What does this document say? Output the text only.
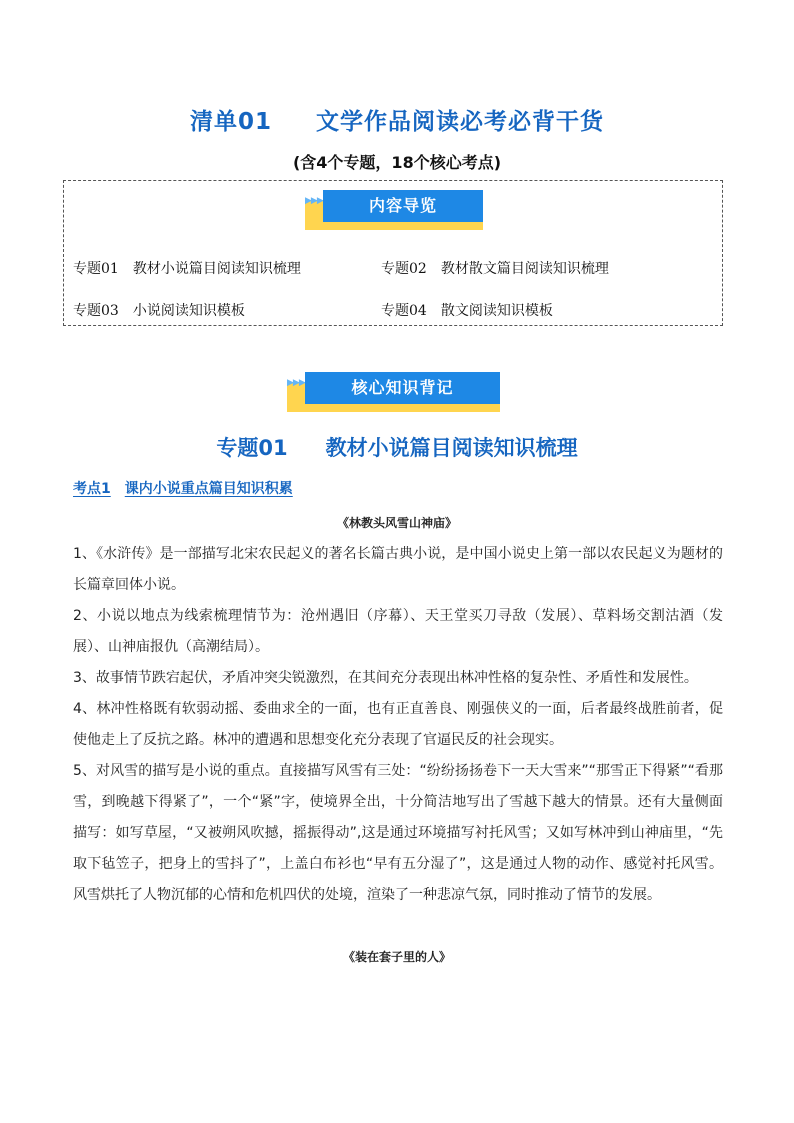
清单01 文学作品阅读必考必背干货
(含4个专题，18个核心考点)
▶▶▶	内容导览
专题01 教材小说篇目阅读知识梳理	专题02 教材散文篇目阅读知识梳理
专题03 小说阅读知识模板	专题04 散文阅读知识模板
▶▶▶	核心知识背记
专题01 教材小说篇目阅读知识梳理
考点1 课内小说重点篇目知识积累
《林教头风雪山神庙》

1、《水浒传》是一部描写北宋农民起义的著名长篇古典小说，是中国小说史上第一部以农民起义为题材的长篇章回体小说。

2、小说以地点为线索梳理情节为：沧州遇旧（序幕）、天王堂买刀寻敌（发展）、草料场交割沽酒（发展）、山神庙报仇（高潮结局）。

3、故事情节跌宕起伏，矛盾冲突尖锐激烈，在其间充分表现出林冲性格的复杂性、矛盾性和发展性。

4、林冲性格既有软弱动摇、委曲求全的一面，也有正直善良、刚强侠义的一面，后者最终战胜前者，促使他走上了反抗之路。林冲的遭遇和思想变化充分表现了官逼民反的社会现实。

5、对风雪的描写是小说的重点。直接描写风雪有三处：“纷纷扬扬卷下一天大雪来”“那雪正下得紧”“看那雪，到晚越下得紧了”，一个“紧”字，使境界全出，十分简洁地写出了雪越下越大的情景。还有大量侧面描写：如写草屋，“又被朔风吹撼，摇振得动”,这是通过环境描写衬托风雪；又如写林冲到山神庙里，“先取下毡笠子，把身上的雪抖了”，上盖白布衫也“早有五分湿了”，这是通过人物的动作、感觉衬托风雪。风雪烘托了人物沉郁的心情和危机四伏的处境，渲染了一种悲凉气氛，同时推动了情节的发展。

《装在套子里的人》
